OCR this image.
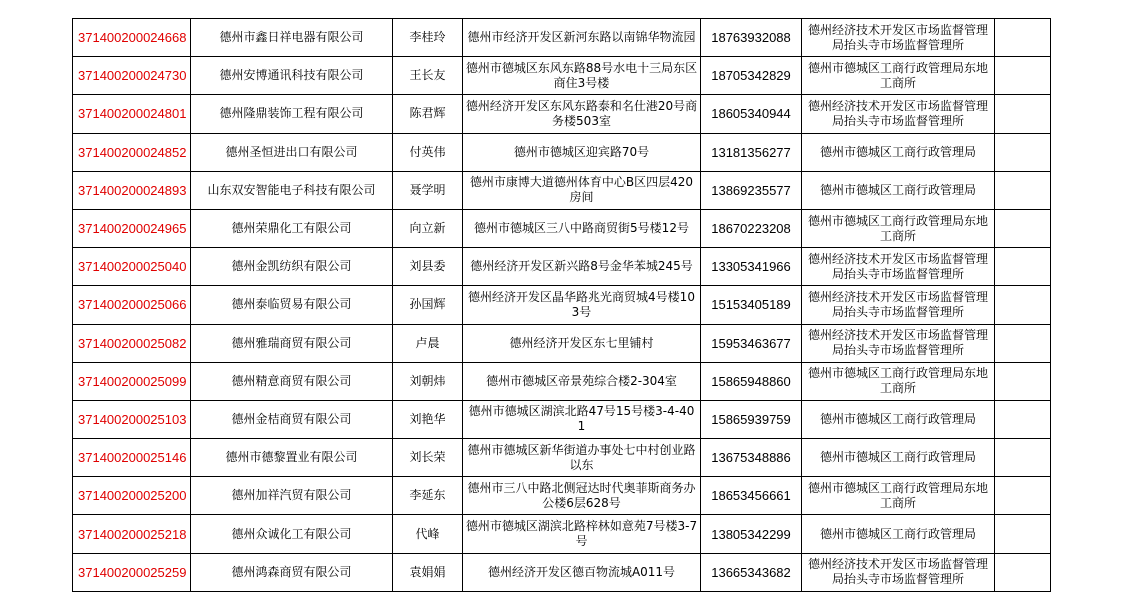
371400200024668	德州市鑫日祥电器有限公司	李桂玲	德州市经济开发区新河东路以南锦华物流园	18763932088	德州经济技术开发区市场监督管理局抬头寺市场监督管理所	
371400200024730	德州安博通讯科技有限公司	王长友	德州市德城区东风东路88号水电十三局东区商住3号楼	18705342829	德州市德城区工商行政管理局东地工商所	
371400200024801	德州隆鼎装饰工程有限公司	陈君辉	德州经济开发区东风东路泰和名仕港20号商务楼503室	18605340944	德州经济技术开发区市场监督管理局抬头寺市场监督管理所	
371400200024852	德州圣恒进出口有限公司	付英伟	德州市德城区迎宾路70号	13181356277	德州市德城区工商行政管理局	
371400200024893	山东双安智能电子科技有限公司	聂学明	德州市康博大道德州体育中心B区四层420房间	13869235577	德州市德城区工商行政管理局	
371400200024965	德州荣鼎化工有限公司	向立新	德州市德城区三八中路商贸街5号楼12号	18670223208	德州市德城区工商行政管理局东地工商所	
371400200025040	德州金凯纺织有限公司	刘县委	德州经济开发区新兴路8号金华苯城245号	13305341966	德州经济技术开发区市场监督管理局抬头寺市场监督管理所	
371400200025066	德州泰临贸易有限公司	孙国辉	德州经济开发区晶华路兆光商贸城4号楼103号	15153405189	德州经济技术开发区市场监督管理局抬头寺市场监督管理所	
371400200025082	德州雅瑞商贸有限公司	卢晨	德州经济开发区东七里铺村	15953463677	德州经济技术开发区市场监督管理局抬头寺市场监督管理所	
371400200025099	德州精意商贸有限公司	刘朝炜	德州市德城区帝景苑综合楼2-304室	15865948860	德州市德城区工商行政管理局东地工商所	
371400200025103	德州金桔商贸有限公司	刘艳华	德州市德城区湖滨北路47号15号楼3-4-401	15865939759	德州市德城区工商行政管理局	
371400200025146	德州市德黎置业有限公司	刘长荣	德州市德城区新华街道办事处七中村创业路以东	13675348886	德州市德城区工商行政管理局	
371400200025200	德州加祥汽贸有限公司	李延东	德州市三八中路北侧冠达时代奥菲斯商务办公楼6层628号	18653456661	德州市德城区工商行政管理局东地工商所	
371400200025218	德州众诚化工有限公司	代峰	德州市德城区湖滨北路梓林如意苑7号楼3-7号	13805342299	德州市德城区工商行政管理局	
371400200025259	德州鸿森商贸有限公司	袁娟娟	德州经济开发区德百物流城A011号	13665343682	德州经济技术开发区市场监督管理局抬头寺市场监督管理所	
